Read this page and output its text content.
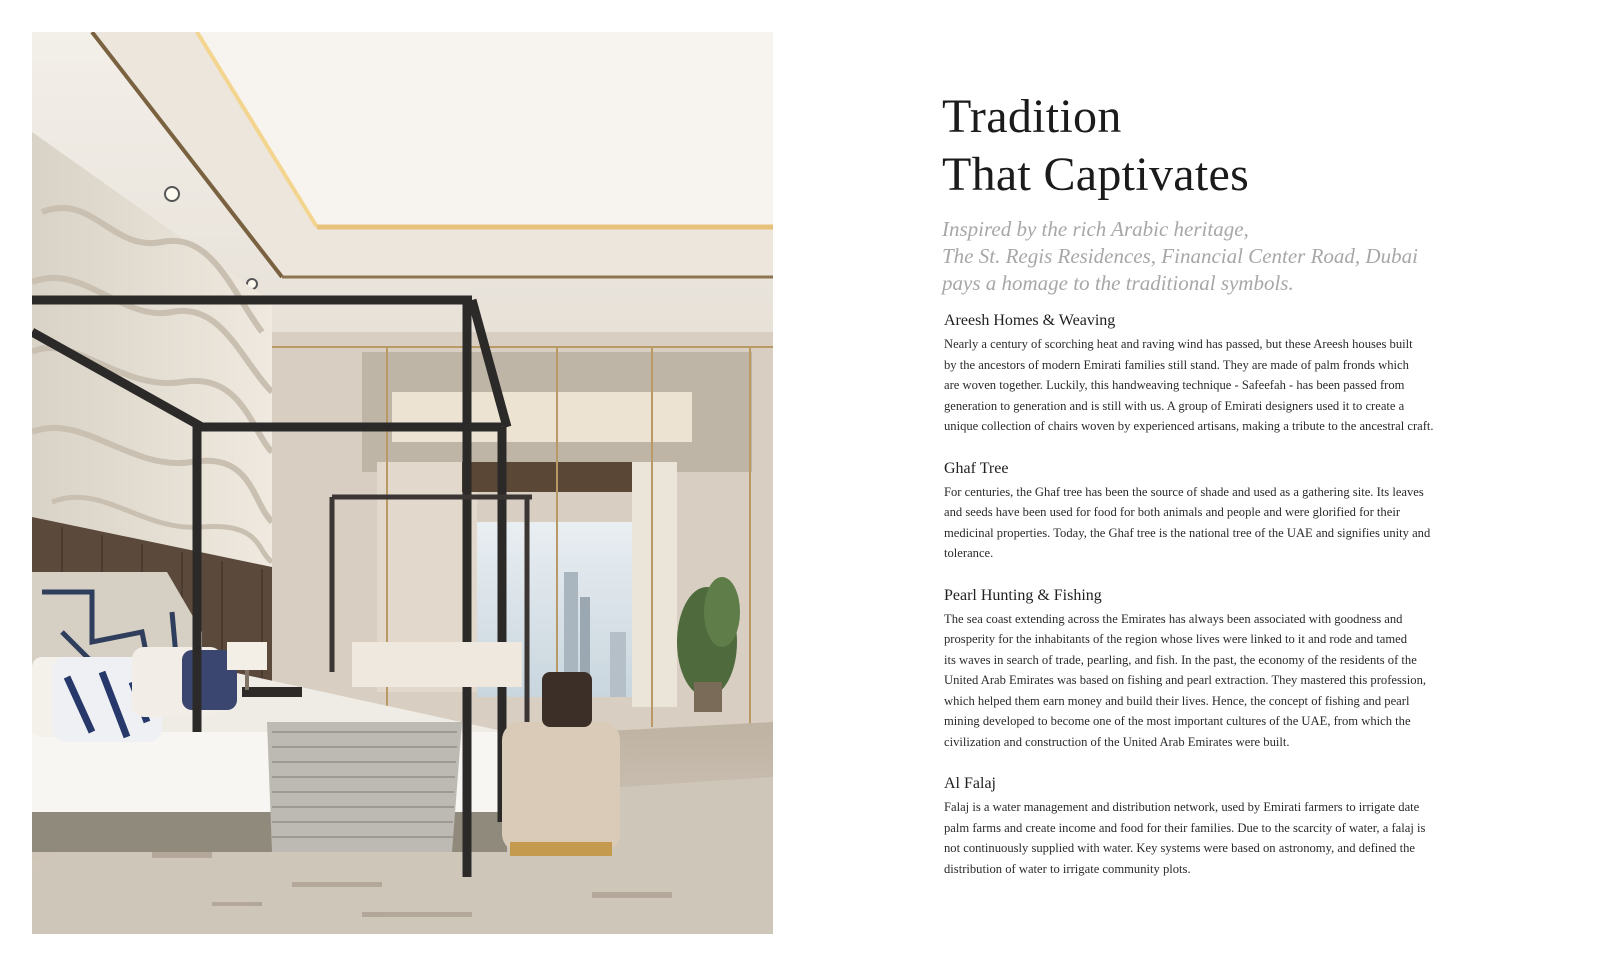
Tradition
That Captivates

Inspired by the rich Arabic heritage,
The St. Regis Residences, Financial Center Road, Dubai
pays a homage to the traditional symbols.

Areesh Homes & Weaving

Nearly a century of scorching heat and raving wind has passed, but these Areesh houses built
by the ancestors of modern Emirati families still stand. They are made of palm fronds which
are woven together. Luckily, this handweaving technique - Safeefah - has been passed from
generation to generation and is still with us. A group of Emirati designers used it to create a
unique collection of chairs woven by experienced artisans, making a tribute to the ancestral craft.

Ghaf Tree

For centuries, the Ghaf tree has been the source of shade and used as a gathering site. Its leaves
and seeds have been used for food for both animals and people and were glorified for their
medicinal properties. Today, the Ghaf tree is the national tree of the UAE and signifies unity and
tolerance.

Pearl Hunting & Fishing

The sea coast extending across the Emirates has always been associated with goodness and
prosperity for the inhabitants of the region whose lives were linked to it and rode and tamed
its waves in search of trade, pearling, and fish. In the past, the economy of the residents of the
United Arab Emirates was based on fishing and pearl extraction. They mastered this profession,
which helped them earn money and build their lives. Hence, the concept of fishing and pearl
mining developed to become one of the most important cultures of the UAE, from which the
civilization and construction of the United Arab Emirates were built.

Al Falaj

Falaj is a water management and distribution network, used by Emirati farmers to irrigate date
palm farms and create income and food for their families. Due to the scarcity of water, a falaj is
not continuously supplied with water. Key systems were based on astronomy, and defined the
distribution of water to irrigate community plots.
